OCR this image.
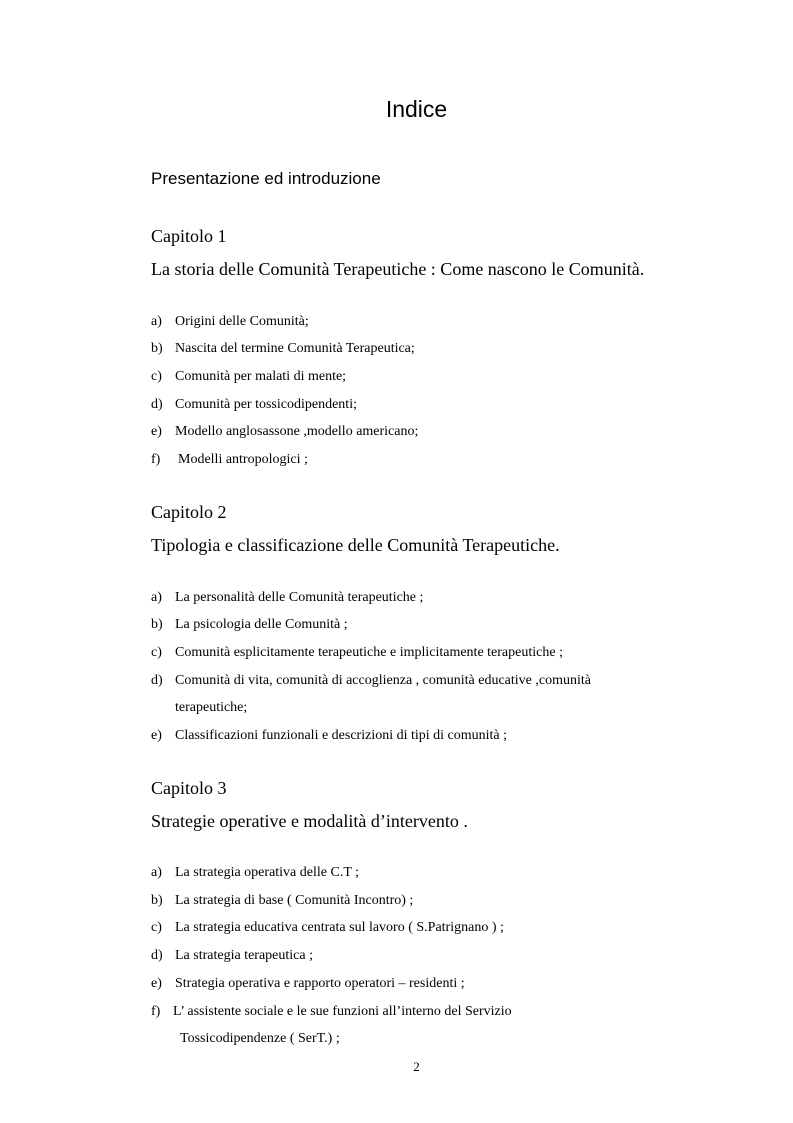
Indice
Presentazione ed introduzione
Capitolo 1
La storia delle Comunità Terapeutiche : Come nascono le Comunità.
a) Origini delle Comunità;
b) Nascita del termine Comunità Terapeutica;
c) Comunità per malati di mente;
d) Comunità per tossicodipendenti;
e) Modello anglosassone ,modello americano;
f) Modelli antropologici ;
Capitolo 2
Tipologia e classificazione delle Comunità Terapeutiche.
a) La personalità delle Comunità terapeutiche ;
b) La psicologia delle Comunità ;
c) Comunità esplicitamente terapeutiche e implicitamente terapeutiche ;
d) Comunità di vita, comunità di accoglienza , comunità educative ,comunità
terapeutiche;
e) Classificazioni funzionali e descrizioni di tipi di comunità ;
Capitolo 3
Strategie operative e modalità d’intervento .
a) La strategia operativa delle C.T ;
b) La strategia di base ( Comunità Incontro) ;
c) La strategia educativa centrata sul lavoro ( S.Patrignano ) ;
d) La strategia terapeutica ;
e) Strategia operativa e rapporto operatori – residenti ;
f) L’ assistente sociale e le sue funzioni all’interno del Servizio
Tossicodipendenze ( SerT.) ;
2
